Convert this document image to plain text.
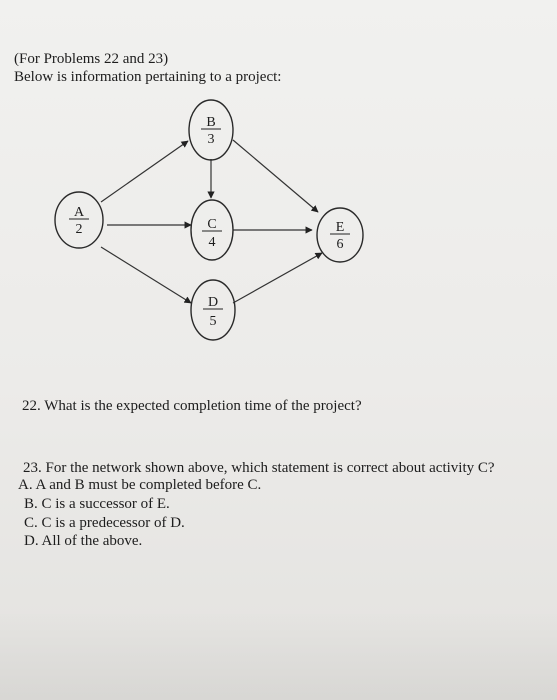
(For Problems 22 and 23)
Below is information pertaining to a project:
A
2
B
3
C
4
D
5
E
6
22. What is the expected completion time of the project?
23. For the network shown above, which statement is correct about activity C?
A. A and B must be completed before C.
B. C is a successor of E.
C. C is a predecessor of D.
D. All of the above.
